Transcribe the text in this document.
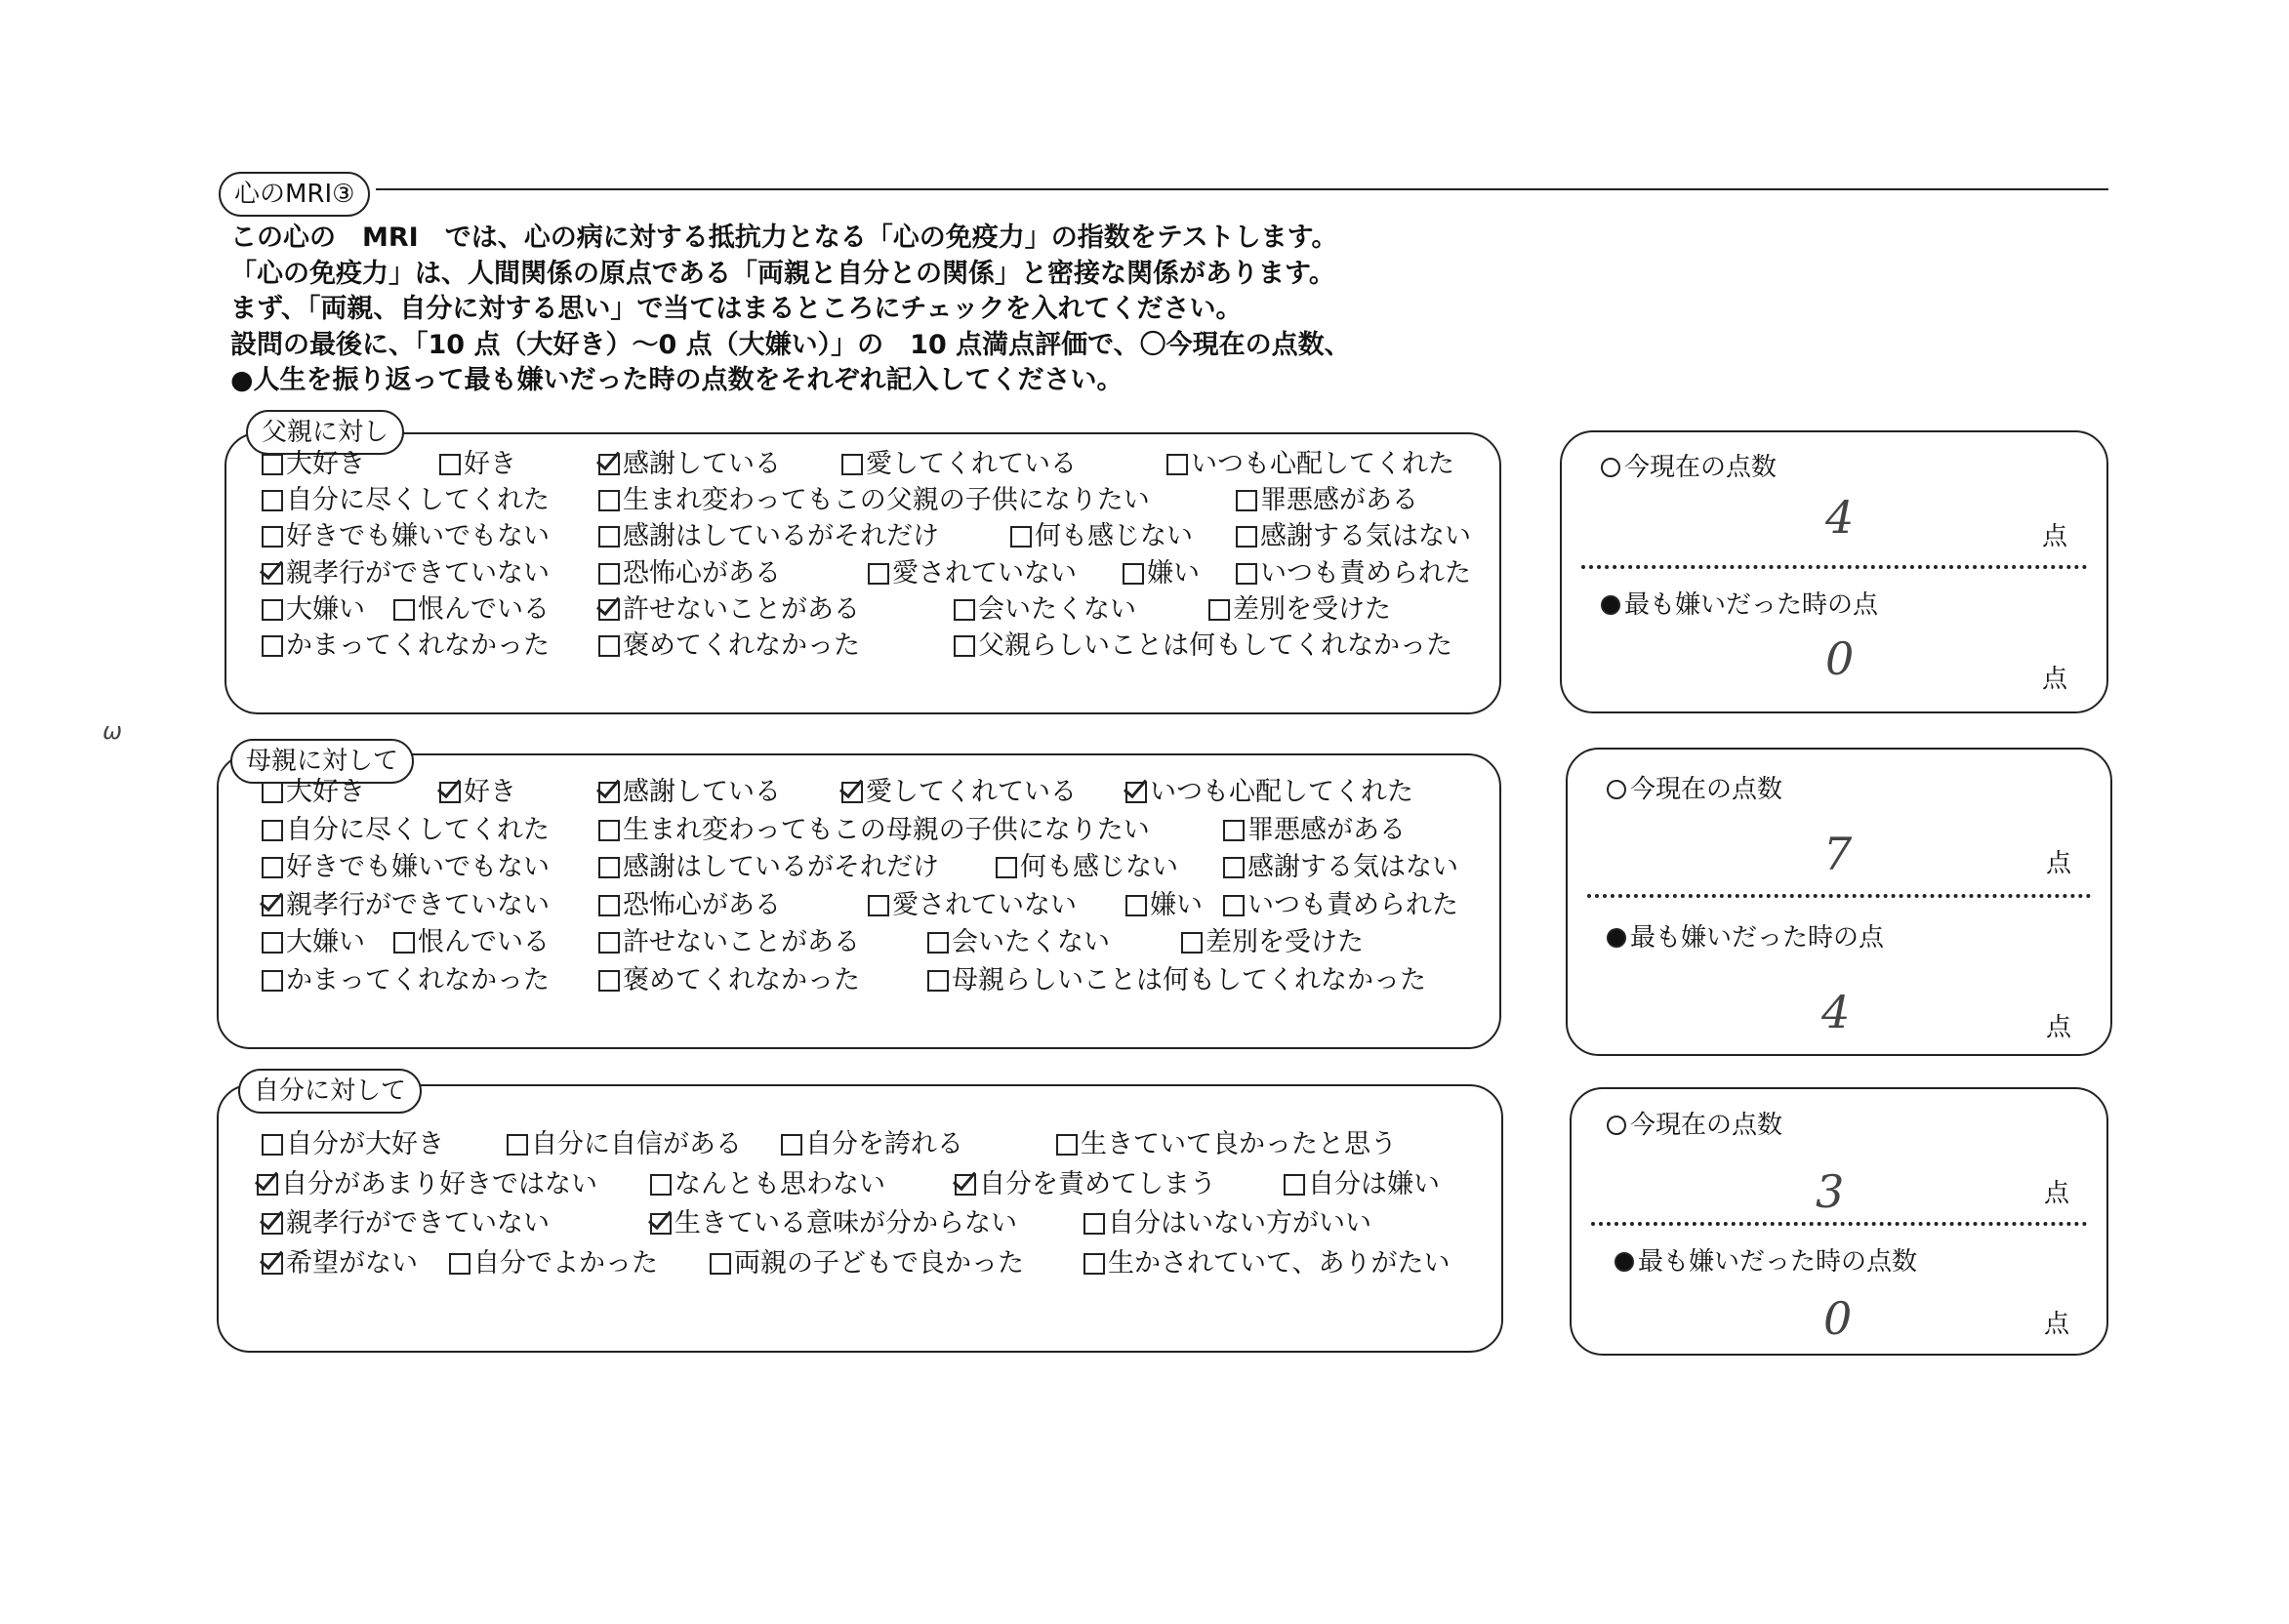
心のMRI③
この心の　MRI　では、心の病に対する抵抗力となる「心の免疫力」の指数をテストします。
「心の免疫力」は、人間関係の原点である「両親と自分との関係」と密接な関係があります。
まず、「両親、自分に対する思い」で当てはまるところにチェックを入れてください。
設問の最後に、「10 点（大好き）～0 点（大嫌い）」の　10 点満点評価で、〇今現在の点数、
●人生を振り返って最も嫌いだった時の点数をそれぞれ記入してください。
ω
父親に対し
大好き	好き	感謝している	愛してくれている	いつも心配してくれた
自分に尽くしてくれた	生まれ変わってもこの父親の子供になりたい	罪悪感がある
好きでも嫌いでもない	感謝はしているがそれだけ	何も感じない	感謝する気はない
親孝行ができていない	恐怖心がある	愛されていない	嫌い いつも責められた
大嫌い 恨んでいる	許せないことがある	会いたくない	差別を受けた
かまってくれなかった	褒めてくれなかった	父親らしいことは何もしてくれなかった
今現在の点数
4	点
最も嫌いだった時の点
0	点
母親に対して
大好き	好き	感謝している	愛してくれている	いつも心配してくれた
自分に尽くしてくれた	生まれ変わってもこの母親の子供になりたい	罪悪感がある
好きでも嫌いでもない	感謝はしているがそれだけ	何も感じない	感謝する気はない
親孝行ができていない	恐怖心がある	愛されていない	嫌い いつも責められた
大嫌い 恨んでいる	許せないことがある	会いたくない	差別を受けた
かまってくれなかった	褒めてくれなかった	母親らしいことは何もしてくれなかった
今現在の点数
7	点
最も嫌いだった時の点
4	点
自分に対して
自分が大好き	自分に自信がある 自分を誇れる	生きていて良かったと思う
自分があまり好きではない	なんとも思わない	自分を責めてしまう	自分は嫌い
親孝行ができていない	生きている意味が分からない	自分はいない方がいい
希望がない 自分でよかった	両親の子どもで良かった	生かされていて、ありがたい
今現在の点数
3	点
最も嫌いだった時の点数
0	点
